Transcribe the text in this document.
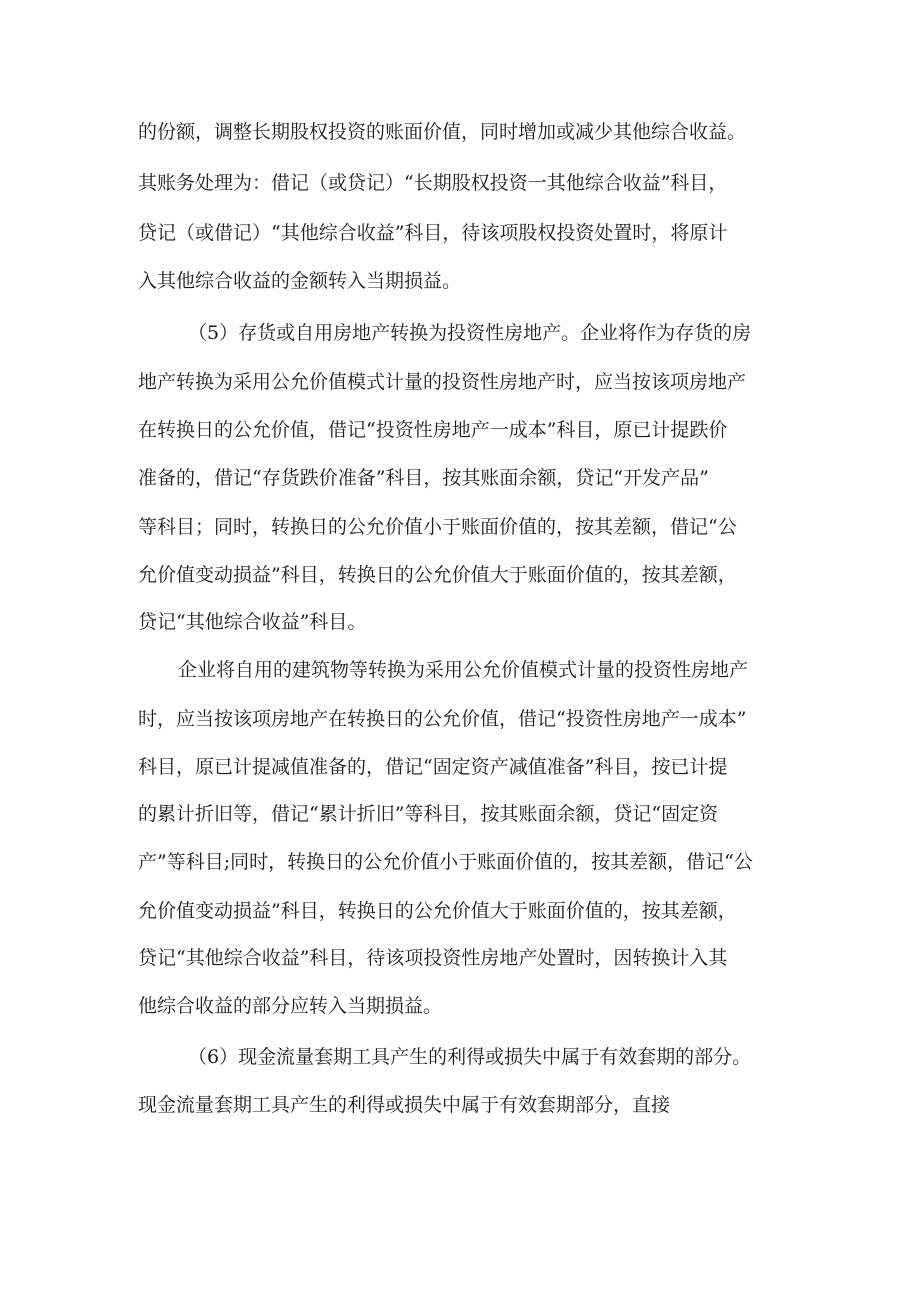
的份额，调整长期股权投资的账面价值，同时增加或减少其他综合收益。
其账务处理为：借记（或贷记）“长期股权投资一其他综合收益”科目，
贷记（或借记）“其他综合收益”科目，待该项股权投资处置时，将原计
入其他综合收益的金额转入当期损益。
（5）存货或自用房地产转换为投资性房地产。企业将作为存货的房
地产转换为采用公允价值模式计量的投资性房地产时，应当按该项房地产
在转换日的公允价值，借记“投资性房地产一成本”科目，原已计提跌价
准备的，借记“存货跌价准备”科目，按其账面余额，贷记“开发产品”
等科目；同时，转换日的公允价值小于账面价值的，按其差额，借记“公
允价值变动损益”科目，转换日的公允价值大于账面价值的，按其差额，
贷记“其他综合收益”科目。
企业将自用的建筑物等转换为采用公允价值模式计量的投资性房地产
时，应当按该项房地产在转换日的公允价值，借记“投资性房地产一成本”
科目，原已计提减值准备的，借记“固定资产减值准备”科目，按已计提
的累计折旧等，借记“累计折旧”等科目，按其账面余额，贷记“固定资
产”等科目;同时，转换日的公允价值小于账面价值的，按其差额，借记“公
允价值变动损益”科目，转换日的公允价值大于账面价值的，按其差额，
贷记“其他综合收益”科目，待该项投资性房地产处置时，因转换计入其
他综合收益的部分应转入当期损益。
（6）现金流量套期工具产生的利得或损失中属于有效套期的部分。
现金流量套期工具产生的利得或损失中属于有效套期部分，直接
